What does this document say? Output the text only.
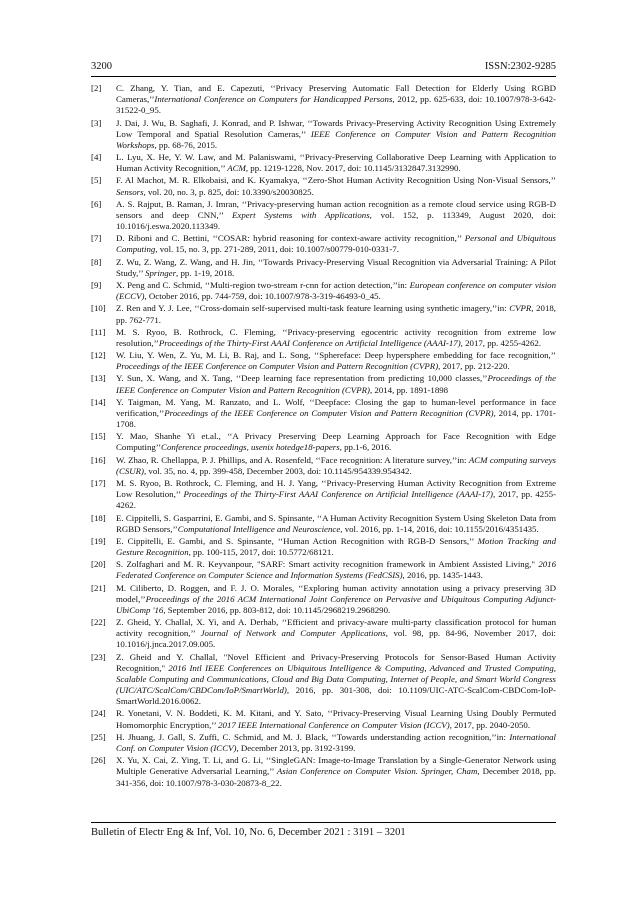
3200	ISSN:2302-9285
[2]	C. Zhang, Y. Tian, and E. Capezuti, ‘‘Privacy Preserving Automatic Fall Detection for Elderly Using RGBD Cameras,’’International Conference on Computers for Handicapped Persons, 2012, pp. 625-633, doi: 10.1007/978-3-642-31522-0_95.
[3]	J. Dai, J. Wu, B. Saghafi, J. Konrad, and P. Ishwar, ‘‘Towards Privacy-Preserving Activity Recognition Using Extremely Low Temporal and Spatial Resolution Cameras,’’ IEEE Conference on Computer Vision and Pattern Recognition Workshops, pp. 68-76, 2015.
[4]	L. Lyu, X. He, Y. W. Law, and M. Palaniswami, ‘‘Privacy-Preserving Collaborative Deep Learning with Application to Human Activity Recognition,’’ ACM, pp. 1219-1228, Nov. 2017, doi: 10.1145/3132847.3132990.
[5]	F. Al Machot, M. R. Elkobaisi, and K. Kyamakya, ‘‘Zero-Shot Human Activity Recognition Using Non-Visual Sensors,’’ Sensors, vol. 20, no. 3, p. 825, doi: 10.3390/s20030825.
[6]	A. S. Rajput, B. Raman, J. Imran, ‘‘Privacy-preserving human action recognition as a remote cloud service using RGB-D sensors and deep CNN,’’ Expert Systems with Applications, vol. 152, p. 113349, August 2020, doi: 10.1016/j.eswa.2020.113349.
[7]	D. Riboni and C. Bettini, ‘‘COSAR: hybrid reasoning for context-aware activity recognition,’’ Personal and Ubiquitous Computing, vol. 15, no. 3, pp. 271-289, 2011, doi: 10.1007/s00779-010-0331-7.
[8]	Z. Wu, Z. Wang, Z. Wang, and H. Jin, ‘‘Towards Privacy-Preserving Visual Recognition via Adversarial Training: A Pilot Study,’’ Springer, pp. 1-19, 2018.
[9]	X. Peng and C. Schmid, ‘‘Multi-region two-stream r-cnn for action detection,’’in: European conference on computer vision (ECCV), October 2016, pp. 744-759, doi: 10.1007/978-3-319-46493-0_45.
[10]	Z. Ren and Y. J. Lee, ‘‘Cross-domain self-supervised multi-task feature learning using synthetic imagery,’’in: CVPR, 2018, pp. 762-771.
[11]	M. S. Ryoo, B. Rothrock, C. Fleming, ‘‘Privacy-preserving egocentric activity recognition from extreme low resolution,’’Proceedings of the Thirty-First AAAI Conference on Artificial Intelligence (AAAI-17), 2017, pp. 4255-4262.
[12]	W. Liu, Y. Wen, Z. Yu, M. Li, B. Raj, and L. Song, ‘‘Sphereface: Deep hypersphere embedding for face recognition,’’ Proceedings of the IEEE Conference on Computer Vision and Pattern Recognition (CVPR), 2017, pp. 212-220.
[13]	Y. Sun, X. Wang, and X. Tang, ‘‘Deep learning face representation from predicting 10,000 classes,’’Proceedings of the IEEE Conference on Computer Vision and Pattern Recognition (CVPR), 2014, pp. 1891-1898
[14]	Y. Taigman, M. Yang, M. Ranzato, and L. Wolf, ‘‘Deepface: Closing the gap to human-level performance in face verification,’’Proceedings of the IEEE Conference on Computer Vision and Pattern Recognition (CVPR), 2014, pp. 1701-1708.
[15]	Y. Mao, Shanhe Yi et.al., ‘‘A Privacy Preserving Deep Learning Approach for Face Recognition with Edge Computing’’Conference proceedings, usenix hotedge18-papers, pp.1-6, 2016.
[16]	W. Zhao, R. Chellappa, P. J. Phillips, and A. Rosenfeld, ‘‘Face recognition: A literature survey,’’in: ACM computing surveys (CSUR), vol. 35, no. 4, pp. 399-458, December 2003, doi: 10.1145/954339.954342.
[17]	M. S. Ryoo, B. Rothrock, C. Fleming, and H. J. Yang, ‘‘Privacy-Preserving Human Activity Recognition from Extreme Low Resolution,’’ Proceedings of the Thirty-First AAAI Conference on Artificial Intelligence (AAAI-17), 2017, pp. 4255-4262.
[18]	E. Cippitelli, S. Gasparrini, E. Gambi, and S. Spinsante, ‘‘A Human Activity Recognition System Using Skeleton Data from RGBD Sensors,’’Computational Intelligence and Neuroscience, vol. 2016, pp. 1-14, 2016, doi: 10.1155/2016/4351435.
[19]	E. Cippitelli, E. Gambi, and S. Spinsante, ‘‘Human Action Recognition with RGB-D Sensors,’’ Motion Tracking and Gesture Recognition, pp. 100-115, 2017, doi: 10.5772/68121.
[20]	S. Zolfaghari and M. R. Keyvanpour, "SARF: Smart activity recognition framework in Ambient Assisted Living," 2016 Federated Conference on Computer Science and Information Systems (FedCSIS), 2016, pp. 1435-1443.
[21]	M. Ciliberto, D. Roggen, and F. J. O. Morales, ‘‘Exploring human activity annotation using a privacy preserving 3D model,’’Proceedings of the 2016 ACM International Joint Conference on Pervasive and Ubiquitous Computing Adjunct-UbiComp '16, September 2016, pp. 803-812, doi: 10.1145/2968219.2968290.
[22]	Z. Gheid, Y. Challal, X. Yi, and A. Derhab, ‘‘Efficient and privacy-aware multi-party classification protocol for human activity recognition,’’ Journal of Network and Computer Applications, vol. 98, pp. 84-96, November 2017, doi: 10.1016/j.jnca.2017.09.005.
[23]	Z. Gheid and Y. Challal, "Novel Efficient and Privacy-Preserving Protocols for Sensor-Based Human Activity Recognition," 2016 Intl IEEE Conferences on Ubiquitous Intelligence & Computing, Advanced and Trusted Computing, Scalable Computing and Communications, Cloud and Big Data Computing, Internet of People, and Smart World Congress (UIC/ATC/ScalCom/CBDCom/IoP/SmartWorld), 2016, pp. 301-308, doi: 10.1109/UIC-ATC-ScalCom-CBDCom-IoP-SmartWorld.2016.0062.
[24]	R. Yonetani, V. N. Boddeti, K. M. Kitani, and Y. Sato, ‘‘Privacy-Preserving Visual Learning Using Doubly Permuted Homomorphic Encryption,’’ 2017 IEEE International Conference on Computer Vision (ICCV), 2017, pp. 2040-2050.
[25]	H. Jhuang, J. Gall, S. Zuffi, C. Schmid, and M. J. Black, ‘‘Towards understanding action recognition,’’in: International Conf. on Computer Vision (ICCV), December 2013, pp. 3192-3199.
[26]	X. Yu, X. Cai, Z. Ying, T. Li, and G. Li, ‘‘SingleGAN: Image-to-Image Translation by a Single-Generator Network using Multiple Generative Adversarial Learning,’’ Asian Conference on Computer Vision. Springer, Cham, December 2018, pp. 341-356, doi: 10.1007/978-3-030-20873-8_22.
Bulletin of Electr Eng & Inf, Vol. 10, No. 6, December 2021 : 3191 – 3201
